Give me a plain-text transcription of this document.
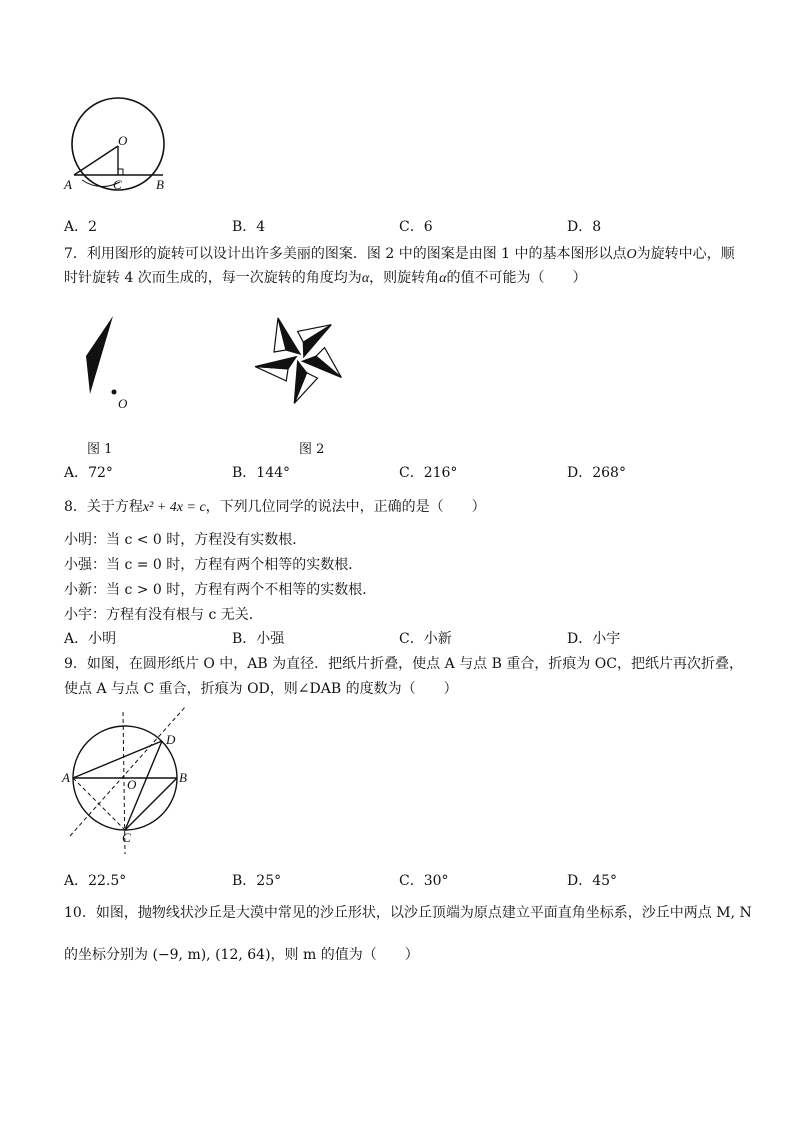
O
A	C	B
A．2	B．4	C．6	D．8
7．利用图形的旋转可以设计出许多美丽的图案．图 2 中的图案是由图 1 中的基本图形以点O为旋转中心，顺
时针旋转 4 次而生成的，每一次旋转的角度均为α，则旋转角α的值不可能为（　　）
O
图 1	图 2
A．72°	B．144°	C．216°	D．268°
8．关于方程x² + 4x = c，下列几位同学的说法中，正确的是（　　）
小明：当 c < 0 时，方程没有实数根．
小强：当 c = 0 时，方程有两个相等的实数根．
小新：当 c > 0 时，方程有两个不相等的实数根．
小宇：方程有没有根与 c 无关．
A．小明	B．小强	C．小新	D．小宇
9．如图，在圆形纸片 O 中，AB 为直径．把纸片折叠，使点 A 与点 B 重合，折痕为 OC，把纸片再次折叠，
使点 A 与点 C 重合，折痕为 OD，则∠DAB 的度数为（　　）
A	B
O
C
D
A．22.5°	B．25°	C．30°	D．45°
10．如图，抛物线状沙丘是大漠中常见的沙丘形状，以沙丘顶端为原点建立平面直角坐标系，沙丘中两点 M, N
的坐标分别为 (−9, m), (12, 64)，则 m 的值为（　　）
